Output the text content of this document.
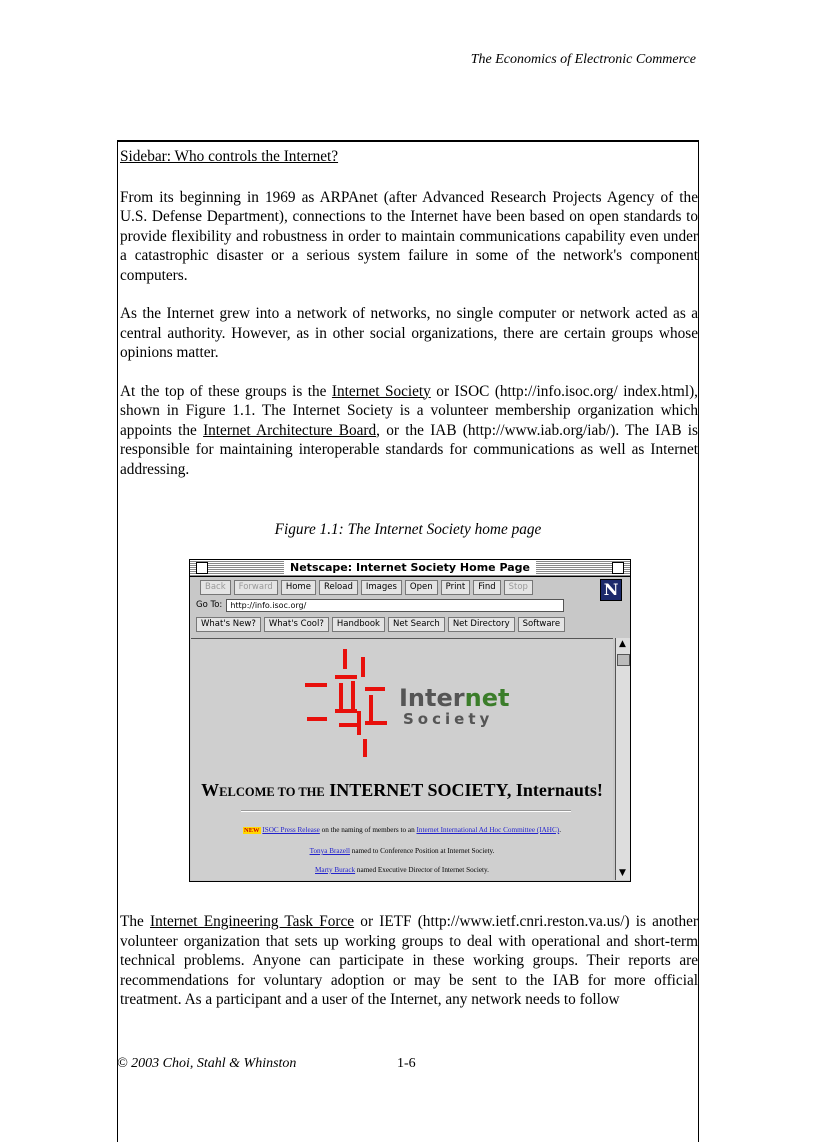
The Economics of Electronic Commerce

Sidebar: Who controls the Internet?

From its beginning in 1969 as ARPAnet (after Advanced Research Projects Agency of the U.S. Defense Department), connections to the Internet have been based on open standards to provide flexibility and robustness in order to maintain communications capability even under a catastrophic disaster or a serious system failure in some of the network's component computers.

As the Internet grew into a network of networks, no single computer or network acted as a central authority. However, as in other social organizations, there are certain groups whose opinions matter.

At the top of these groups is the Internet Society or ISOC (http://info.isoc.org/ index.html), shown in Figure 1.1. The Internet Society is a volunteer membership organization which appoints the Internet Architecture Board, or the IAB (http://www.iab.org/iab/). The IAB is responsible for maintaining interoperable standards for communications as well as Internet addressing.

Figure 1.1: The Internet Society home page
Netscape: Internet Society Home Page
Back	Forward	Home	Reload	Images	Open	Print	Find	Stop	N
Go To:	http://info.isoc.org/
What's New?	What's Cool?	Handbook	Net Search	Net Directory	Software
Internet
Society
WELCOME TO THE INTERNET SOCIETY, Internauts!
NEW ISOC Press Release on the naming of members to an Internet International Ad Hoc Committee (IAHC).
Tonya Brazell named to Conference Position at Internet Society.
Marty Burack named Executive Director of Internet Society.
▲
▼

The Internet Engineering Task Force or IETF (http://www.ietf.cnri.reston.va.us/) is another volunteer organization that sets up working groups to deal with operational and short-term technical problems. Anyone can participate in these working groups. Their reports are recommendations for voluntary adoption or may be sent to the IAB for more official treatment. As a participant and a user of the Internet, any network needs to follow

© 2003 Choi, Stahl & Whinston	1-6
